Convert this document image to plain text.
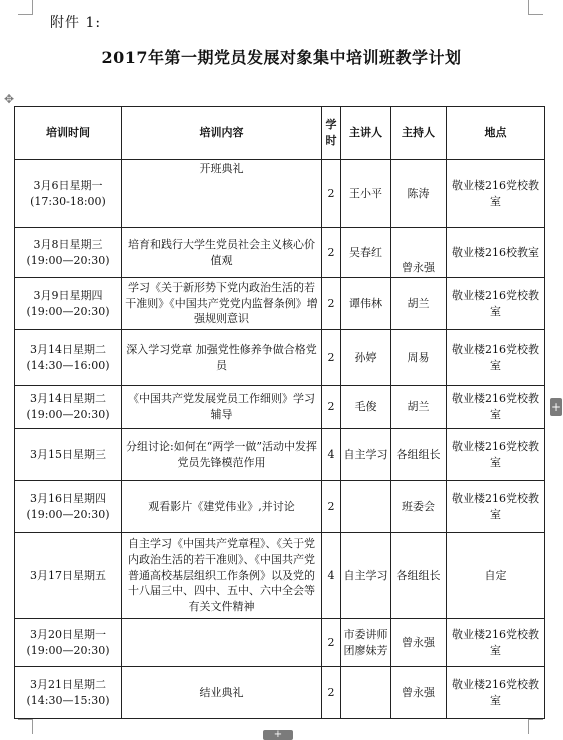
附件 1:
2017年第一期党员发展对象集中培训班教学计划
✥
+
+
培训时间	培训内容	学时	主讲人	主持人	地点

3月6日星期一
(17:30-18:00)	开班典礼	2	王小平	陈涛	敬业楼216党校教室

3月8日星期三
(19:00—20:30)	培育和践行大学生党员社会主义核心价值观	2	吴春红	曾永强	敬业楼216校教室

3月9日星期四
(19:00—20:30)	学习《关于新形势下党内政治生活的若干准则》《中国共产党党内监督条例》增强规则意识	2	谭伟林	胡兰	敬业楼216党校教室

3月14日星期二
(14:30—16:00)	深入学习党章 加强党性修养争做合格党员	2	孙婷	周易	敬业楼216党校教室

3月14日星期二
(19:00—20:30)	《中国共产党发展党员工作细则》学习辅导	2	毛俊	胡兰	敬业楼216党校教室

3月15日星期三	分组讨论:如何在“两学一做”活动中发挥党员先锋模范作用	4	自主学习	各组组长	敬业楼216党校教室

3月16日星期四
(19:00—20:30)	观看影片《建党伟业》,并讨论	2		班委会	敬业楼216党校教室

3月17日星期五	自主学习《中国共产党章程》、《关于党内政治生活的若干准则》、《中国共产党普通高校基层组织工作条例》以及党的十八届三中、四中、五中、六中全会等有关文件精神	4	自主学习	各组组长	自定

3月20日星期一
(19:00—20:30)		2	市委讲师团廖妹芳	曾永强	敬业楼216党校教室

3月21日星期二
(14:30—15:30)	结业典礼	2		曾永强	敬业楼216党校教室
